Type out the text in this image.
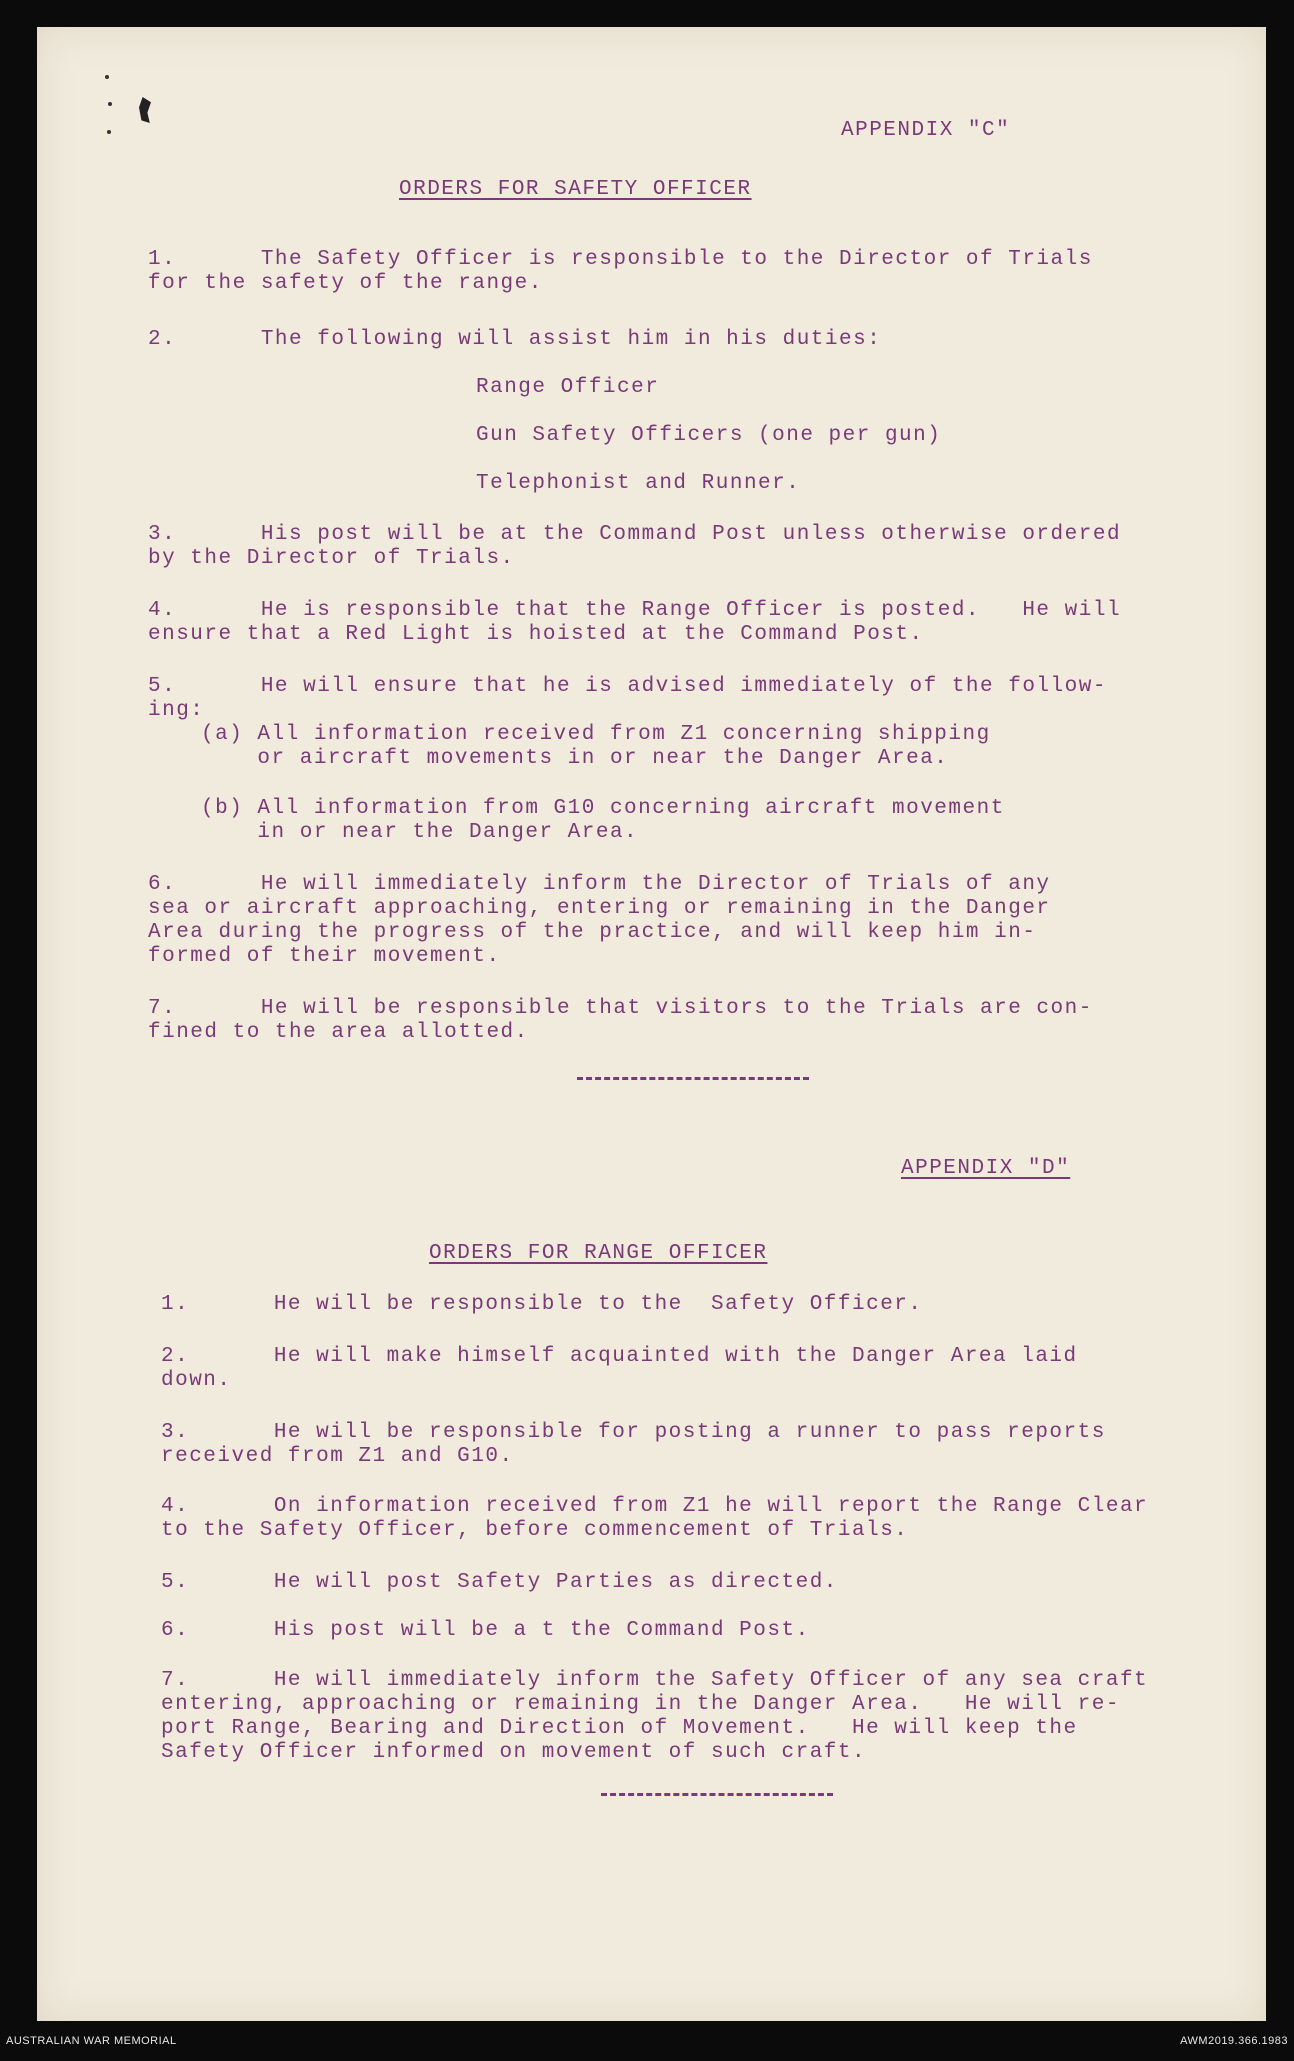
APPENDIX "C"
ORDERS FOR SAFETY OFFICER
1.      The Safety Officer is responsible to the Director of Trials
for the safety of the range.
2.      The following will assist him in his duties:
Range Officer
Gun Safety Officers (one per gun)
Telephonist and Runner.
3.      His post will be at the Command Post unless otherwise ordered
by the Director of Trials.
4.      He is responsible that the Range Officer is posted.   He will
ensure that a Red Light is hoisted at the Command Post.
5.      He will ensure that he is advised immediately of the follow-
ing:
(a) All information received from Z1 concerning shipping
or aircraft movements in or near the Danger Area.
(b) All information from G10 concerning aircraft movement
in or near the Danger Area.
6.      He will immediately inform the Director of Trials of any
sea or aircraft approaching, entering or remaining in the Danger
Area during the progress of the practice, and will keep him in-
formed of their movement.
7.      He will be responsible that visitors to the Trials are con-
fined to the area allotted.
APPENDIX "D"
ORDERS FOR RANGE OFFICER
1.      He will be responsible to the  Safety Officer.
2.      He will make himself acquainted with the Danger Area laid
down.
3.      He will be responsible for posting a runner to pass reports
received from Z1 and G10.
4.      On information received from Z1 he will report the Range Clear
to the Safety Officer, before commencement of Trials.
5.      He will post Safety Parties as directed.
6.      His post will be a t the Command Post.
7.      He will immediately inform the Safety Officer of any sea craft
entering, approaching or remaining in the Danger Area.   He will re-
port Range, Bearing and Direction of Movement.   He will keep the
Safety Officer informed on movement of such craft.
AUSTRALIAN WAR MEMORIAL	AWM2019.366.1983
